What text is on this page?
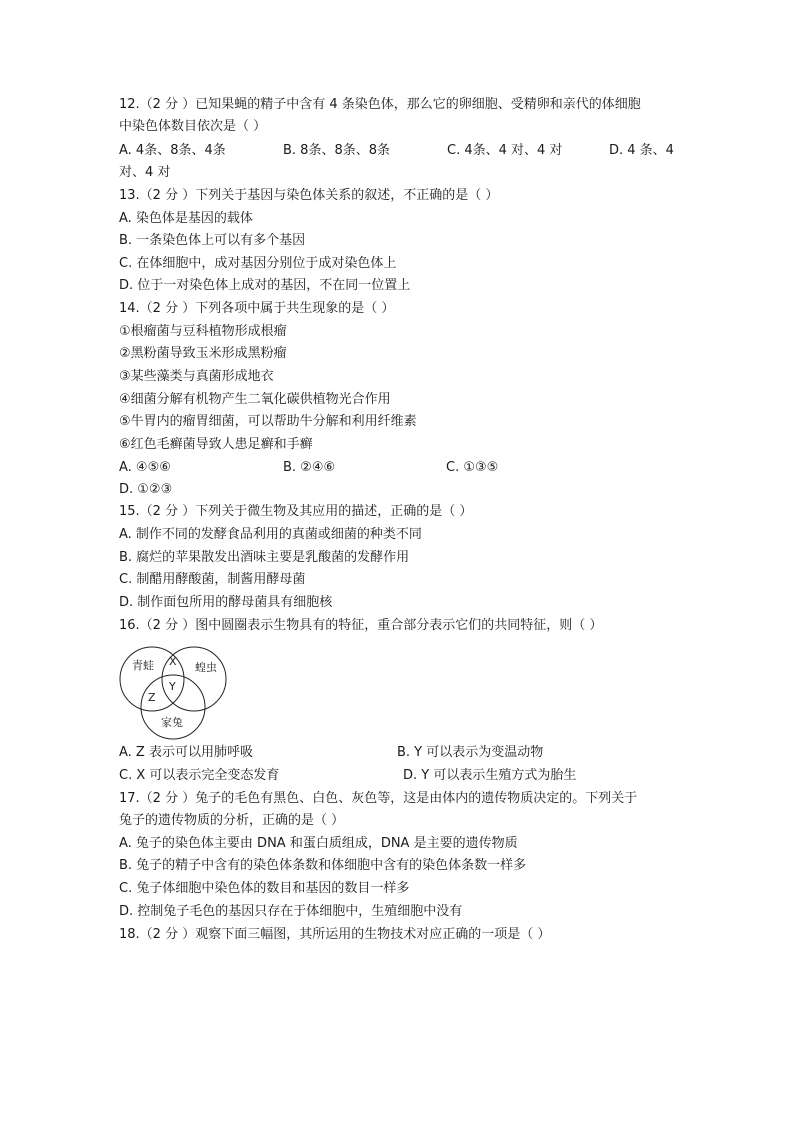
12.（2 分 ）已知果蝇的精子中含有 4 条染色体，那么它的卵细胞、受精卵和亲代的体细胞
中染色体数目依次是（ ）
A. 4条、8条、4条	B. 8条、8条、8条	C. 4条、4 对、4 对	D. 4 条、4
对、4 对
13.（2 分 ）下列关于基因与染色体关系的叙述，不正确的是（ ）
A. 染色体是基因的载体
B. 一条染色体上可以有多个基因
C. 在体细胞中，成对基因分别位于成对染色体上
D. 位于一对染色体上成对的基因，不在同一位置上
14.（2 分 ）下列各项中属于共生现象的是（ ）
①根瘤菌与豆科植物形成根瘤
②黑粉菌导致玉米形成黑粉瘤
③某些藻类与真菌形成地衣
④细菌分解有机物产生二氧化碳供植物光合作用
⑤牛胃内的瘤胃细菌，可以帮助牛分解和利用纤维素
⑥红色毛癣菌导致人患足癣和手癣
A. ④⑤⑥	B. ②④⑥	C. ①③⑤
D. ①②③
15.（2 分 ）下列关于微生物及其应用的描述，正确的是（ ）
A. 制作不同的发酵食品利用的真菌或细菌的种类不同
B. 腐烂的苹果散发出酒味主要是乳酸菌的发酵作用
C. 制醋用酵酸菌，制酱用酵母菌
D. 制作面包所用的酵母菌具有细胞核
16.（2 分 ）图中圆圈表示生物具有的特征，重合部分表示它们的共同特征，则（ ）
青蛙	蝗虫
家兔
X
Y
Z
A. Z 表示可以用肺呼吸	B. Y 可以表示为变温动物
C. X 可以表示完全变态发育	D. Y 可以表示生殖方式为胎生
17.（2 分 ）兔子的毛色有黑色、白色、灰色等，这是由体内的遗传物质决定的。下列关于
兔子的遗传物质的分析，正确的是（ ）
A. 兔子的染色体主要由 DNA 和蛋白质组成，DNA 是主要的遗传物质
B. 兔子的精子中含有的染色体条数和体细胞中含有的染色体条数一样多
C. 兔子体细胞中染色体的数目和基因的数目一样多
D. 控制兔子毛色的基因只存在于体细胞中，生殖细胞中没有
18.（2 分 ）观察下面三幅图，其所运用的生物技术对应正确的一项是（ ）
